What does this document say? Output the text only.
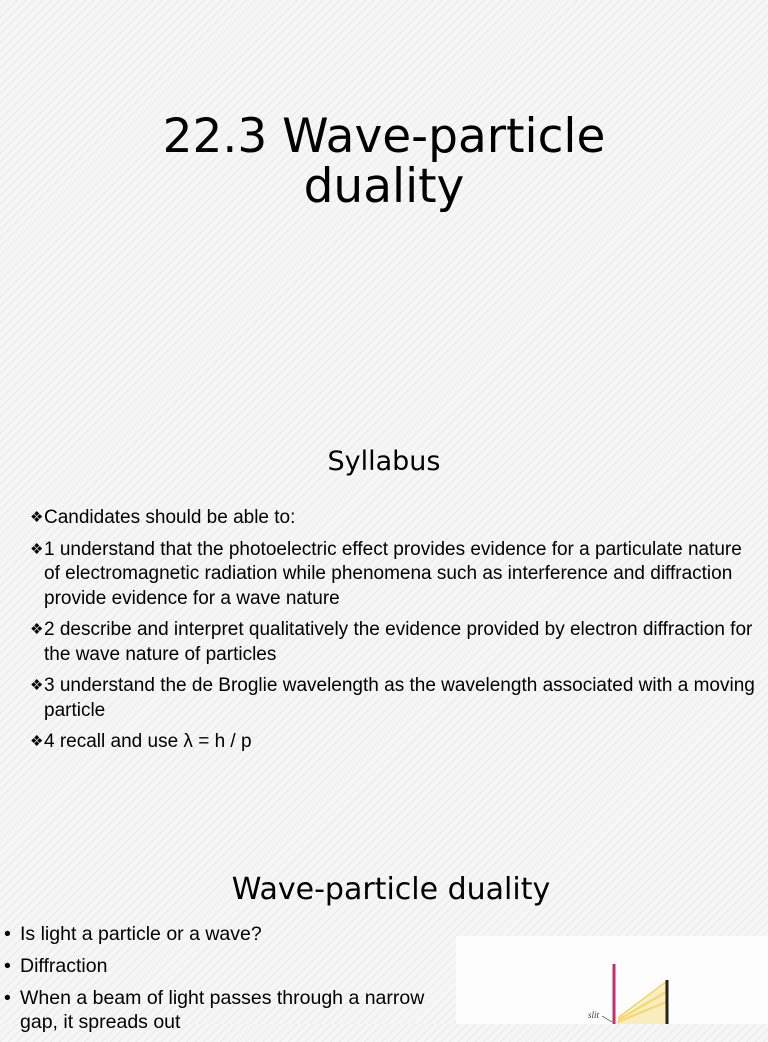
22.3 Wave-particle
duality
Syllabus
❖ Candidates should be able to:
❖ 1 understand that the photoelectric effect provides evidence for a particulate nature of electromagnetic radiation while phenomena such as interference and diffraction provide evidence for a wave nature
❖ 2 describe and interpret qualitatively the evidence provided by electron diffraction for the wave nature of particles
❖ 3 understand the de Broglie wavelength as the wavelength associated with a moving particle
❖ 4 recall and use λ = h / p
Wave-particle duality
• Is light a particle or a wave?
• Diffraction
• When a beam of light passes through a narrow gap, it spreads out	slit
